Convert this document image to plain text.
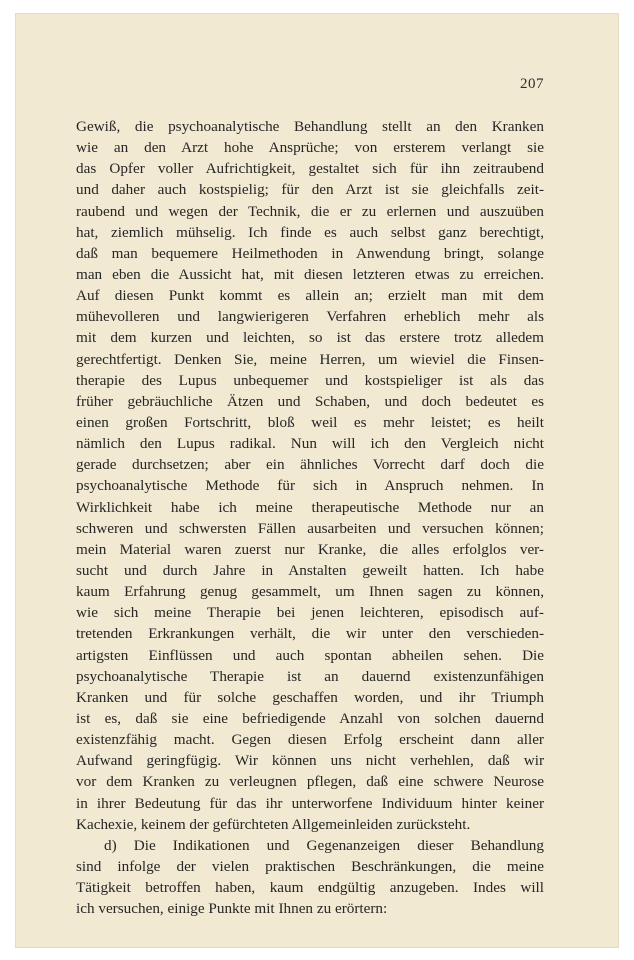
207
Gewiß, die psychoanalytische Behandlung stellt an den Kranken
wie an den Arzt hohe Ansprüche; von ersterem verlangt sie
das Opfer voller Aufrichtigkeit, gestaltet sich für ihn zeitraubend
und daher auch kostspielig; für den Arzt ist sie gleichfalls zeit-
raubend und wegen der Technik, die er zu erlernen und auszuüben
hat, ziemlich mühselig. Ich finde es auch selbst ganz berechtigt,
daß man bequemere Heilmethoden in Anwendung bringt, solange
man eben die Aussicht hat, mit diesen letzteren etwas zu erreichen.
Auf diesen Punkt kommt es allein an; erzielt man mit dem
mühevolleren und langwierigeren Verfahren erheblich mehr als
mit dem kurzen und leichten, so ist das erstere trotz alledem
gerechtfertigt. Denken Sie, meine Herren, um wieviel die Finsen-
therapie des Lupus unbequemer und kostspieliger ist als das
früher gebräuchliche Ätzen und Schaben, und doch bedeutet es
einen großen Fortschritt, bloß weil es mehr leistet; es heilt
nämlich den Lupus radikal. Nun will ich den Vergleich nicht
gerade durchsetzen; aber ein ähnliches Vorrecht darf doch die
psychoanalytische Methode für sich in Anspruch nehmen. In
Wirklichkeit habe ich meine therapeutische Methode nur an
schweren und schwersten Fällen ausarbeiten und versuchen können;
mein Material waren zuerst nur Kranke, die alles erfolglos ver-
sucht und durch Jahre in Anstalten geweilt hatten. Ich habe
kaum Erfahrung genug gesammelt, um Ihnen sagen zu können,
wie sich meine Therapie bei jenen leichteren, episodisch auf-
tretenden Erkrankungen verhält, die wir unter den verschieden-
artigsten Einflüssen und auch spontan abheilen sehen. Die
psychoanalytische Therapie ist an dauernd existenzunfähigen
Kranken und für solche geschaffen worden, und ihr Triumph
ist es, daß sie eine befriedigende Anzahl von solchen dauernd
existenzfähig macht. Gegen diesen Erfolg erscheint dann aller
Aufwand geringfügig. Wir können uns nicht verhehlen, daß wir
vor dem Kranken zu verleugnen pflegen, daß eine schwere Neurose
in ihrer Bedeutung für das ihr unterworfene Individuum hinter keiner
Kachexie, keinem der gefürchteten Allgemeinleiden zurücksteht.
d) Die Indikationen und Gegenanzeigen dieser Behandlung
sind infolge der vielen praktischen Beschränkungen, die meine
Tätigkeit betroffen haben, kaum endgültig anzugeben. Indes will
ich versuchen, einige Punkte mit Ihnen zu erörtern:
